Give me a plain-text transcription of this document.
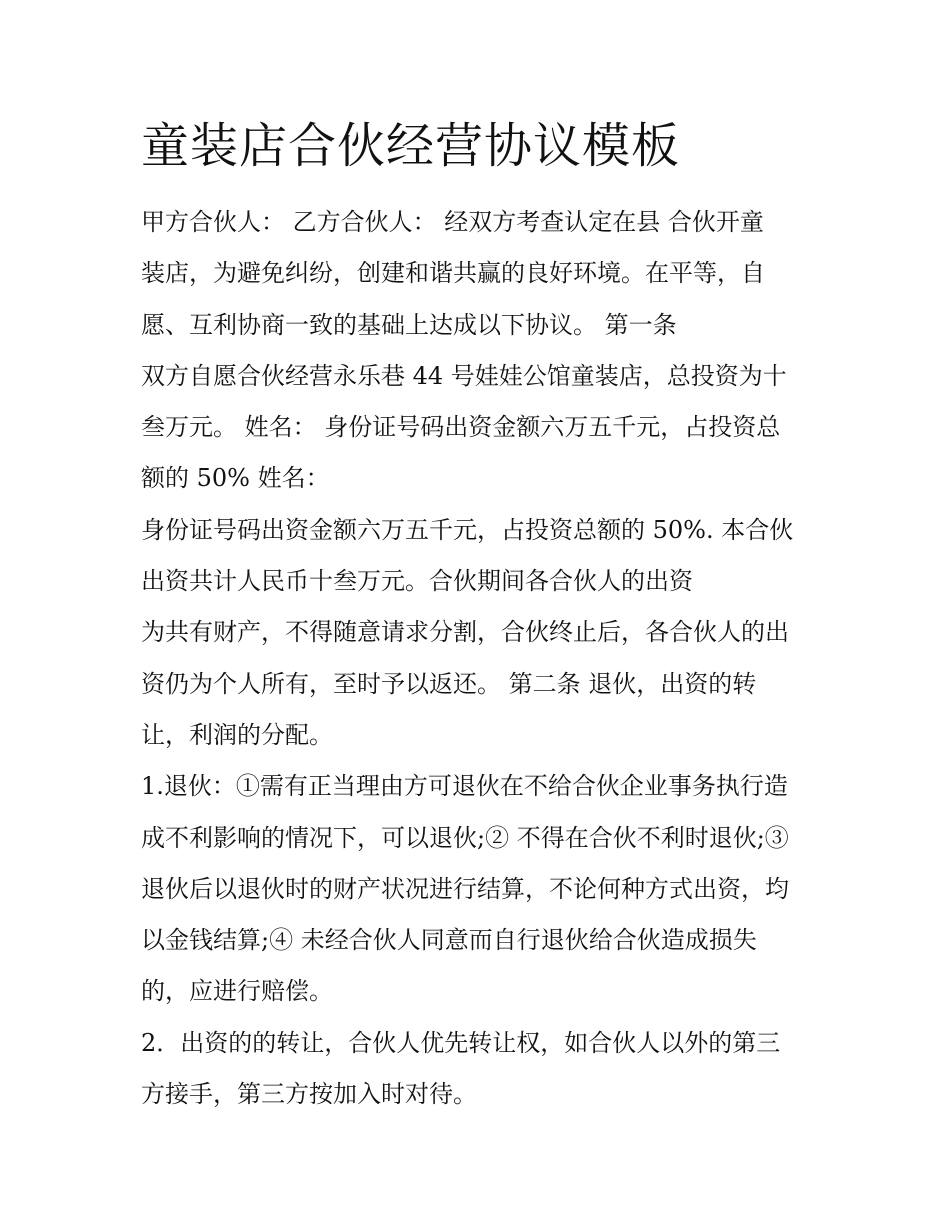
童装店合伙经营协议模板
甲方合伙人： 乙方合伙人： 经双方考查认定在县 合伙开童
装店，为避免纠纷，创建和谐共赢的良好环境。在平等，自
愿、互利协商一致的基础上达成以下协议。 第一条
双方自愿合伙经营永乐巷 44 号娃娃公馆童装店，总投资为十
叁万元。 姓名： 身份证号码出资金额六万五千元，占投资总
额的 50% 姓名：
身份证号码出资金额六万五千元，占投资总额的 50%. 本合伙
出资共计人民币十叁万元。合伙期间各合伙人的出资
为共有财产，不得随意请求分割，合伙终止后，各合伙人的出
资仍为个人所有，至时予以返还。 第二条 退伙，出资的转
让，利润的分配。
1.退伙：①需有正当理由方可退伙在不给合伙企业事务执行造
成不利影响的情况下，可以退伙;② 不得在合伙不利时退伙;③
退伙后以退伙时的财产状况进行结算，不论何种方式出资，均
以金钱结算;④ 未经合伙人同意而自行退伙给合伙造成损失
的，应进行赔偿。
2．出资的的转让，合伙人优先转让权，如合伙人以外的第三
方接手，第三方按加入时对待。
